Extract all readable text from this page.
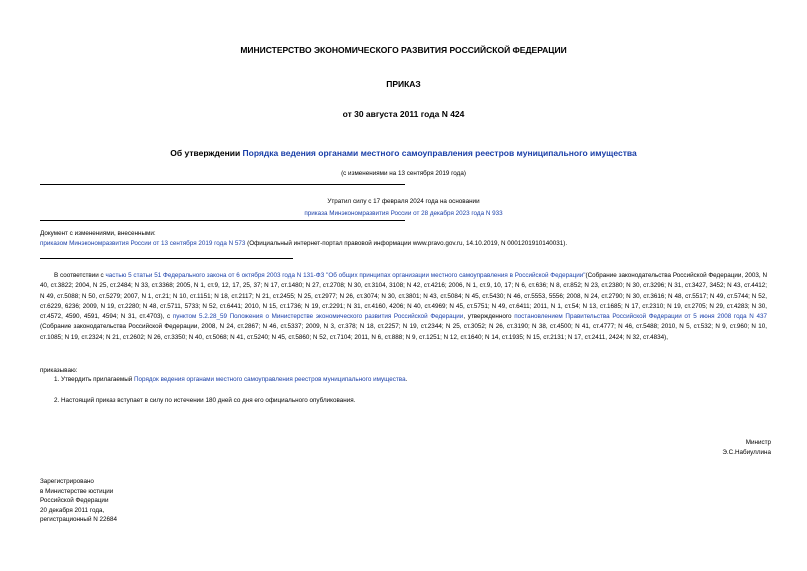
МИНИСТЕРСТВО ЭКОНОМИЧЕСКОГО РАЗВИТИЯ РОССИЙСКОЙ ФЕДЕРАЦИИ
ПРИКАЗ
от 30 августа 2011 года N 424
Об утверждении Порядка ведения органами местного самоуправления реестров муниципального имущества
(с изменениями на 13 сентября 2019 года)
Утратил силу с 17 февраля 2024 года на основании
приказа Минэкономразвития России от 28 декабря 2023 года N 933
Документ с изменениями, внесенными:
приказом Минэкономразвития России от 13 сентября 2019 года N 573 (Официальный интернет-портал правовой информации www.pravo.gov.ru, 14.10.2019, N 0001201910140031).
В соответствии с частью 5 статьи 51 Федерального закона от 6 октября 2003 года N 131-ФЗ "Об общих принципах организации местного самоуправления в Российской Федерации"(Собрание законодательства Российской Федерации, 2003, N 40, ст.3822; 2004, N 25, ст.2484; N 33, ст.3368; 2005, N 1, ст.9, 12, 17, 25, 37; N 17, ст.1480; N 27, ст.2708; N 30, ст.3104, 3108; N 42, ст.4216; 2006, N 1, ст.9, 10, 17; N 6, ст.636; N 8, ст.852; N 23, ст.2380; N 30, ст.3296; N 31, ст.3427, 3452; N 43, ст.4412; N 49, ст.5088; N 50, ст.5279; 2007, N 1, ст.21; N 10, ст.1151; N 18, ст.2117; N 21, ст.2455; N 25, ст.2977; N 26, ст.3074; N 30, ст.3801; N 43, ст.5084; N 45, ст.5430; N 46, ст.5553, 5556; 2008, N 24, ст.2790; N 30, ст.3616; N 48, ст.5517; N 49, ст.5744; N 52, ст.6229, 6236; 2009, N 19, ст.2280; N 48, ст.5711, 5733; N 52, ст.6441; 2010, N 15, ст.1736; N 19, ст.2291; N 31, ст.4160, 4206; N 40, ст.4969; N 45, ст.5751; N 49, ст.6411; 2011, N 1, ст.54; N 13, ст.1685; N 17, ст.2310; N 19, ст.2705; N 29, ст.4283; N 30, ст.4572, 4590, 4591, 4594; N 31, ст.4703), с пунктом 5.2.28_59 Положения о Министерстве экономического развития Российской Федерации, утвержденного постановлением Правительства Российской Федерации от 5 июня 2008 года N 437 (Собрание законодательства Российской Федерации, 2008, N 24, ст.2867; N 46, ст.5337; 2009, N 3, ст.378; N 18, ст.2257; N 19, ст.2344; N 25, ст.3052; N 26, ст.3190; N 38, ст.4500; N 41, ст.4777; N 46, ст.5488; 2010, N 5, ст.532; N 9, ст.960; N 10, ст.1085; N 19, ст.2324; N 21, ст.2602; N 26, ст.3350; N 40, ст.5068; N 41, ст.5240; N 45, ст.5860; N 52, ст.7104; 2011, N 6, ст.888; N 9, ст.1251; N 12, ст.1640; N 14, ст.1935; N 15, ст.2131; N 17, ст.2411, 2424; N 32, ст.4834),
приказываю:
1. Утвердить прилагаемый Порядок ведения органами местного самоуправления реестров муниципального имущества.
2. Настоящий приказ вступает в силу по истечении 180 дней со дня его официального опубликования.
Министр
Э.С.Набиуллина
Зарегистрировано
в Министерстве юстиции
Российской Федерации
20 декабря 2011 года,
регистрационный N 22684
